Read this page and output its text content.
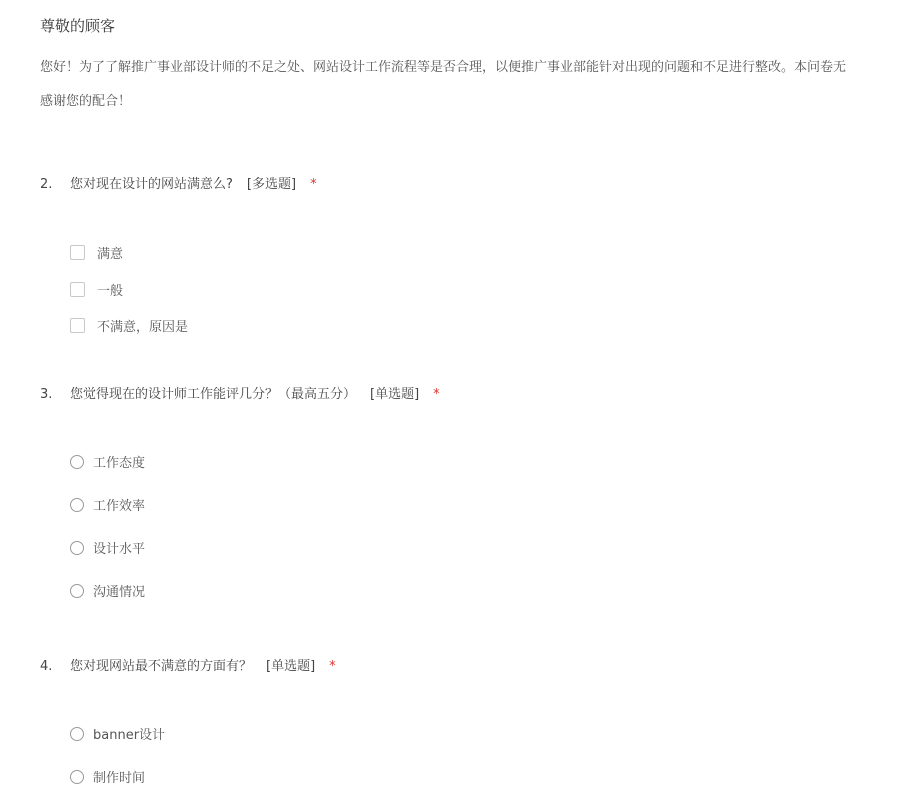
尊敬的顾客
您好！为了了解推广事业部设计师的不足之处、网站设计工作流程等是否合理，以便推广事业部能针对出现的问题和不足进行整改。本问卷无
感谢您的配合！
2. 您对现在设计的网站满意么? [多选题] *
满意
一般
不满意，原因是
3. 您觉得现在的设计师工作能评几分？（最高五分） [单选题] *
工作态度
工作效率
设计水平
沟通情况
4. 您对现网站最不满意的方面有？ [单选题] *
banner设计
制作时间
